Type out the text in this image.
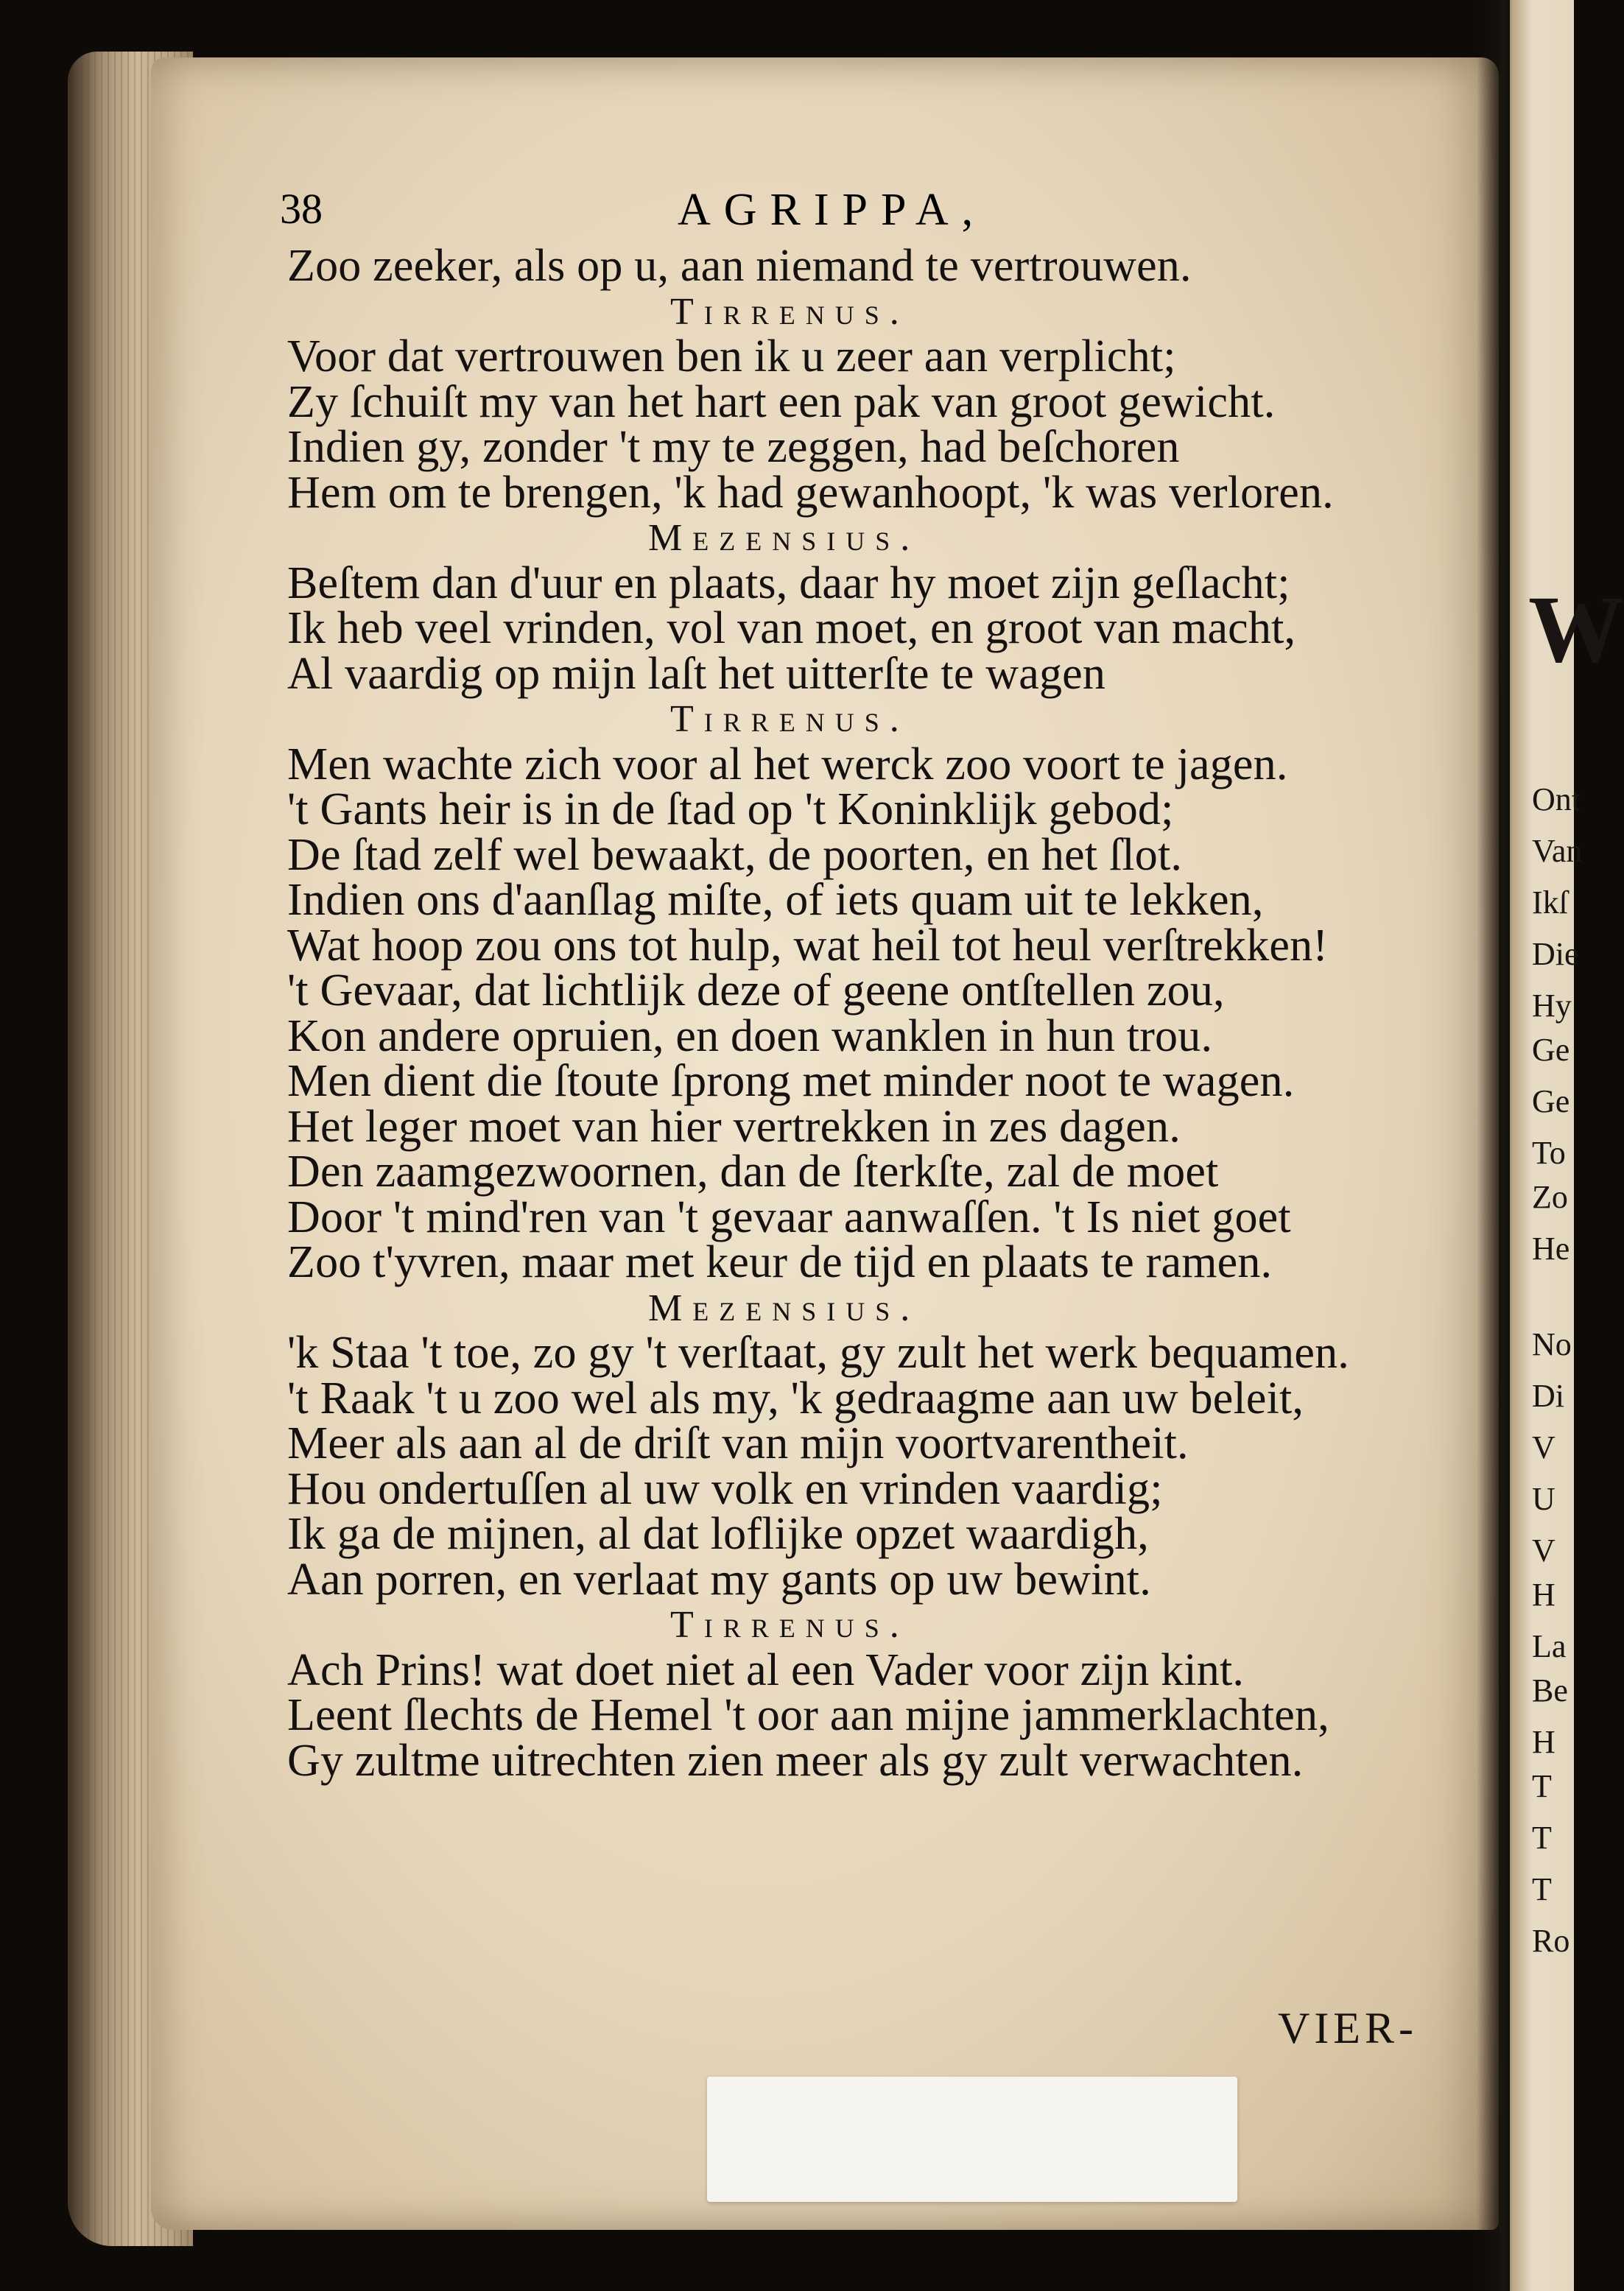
W
Ont
Van
Ikſ
Die
Hy
Ge
Ge
To
Zo
He
No
Di
V
U
V
H
La
Be
H
T
T
T
Ro
38	AGRIPPA,
Zoo zeeker, als op u, aan niemand te vertrouwen.
Tirrenus.
Voor dat vertrouwen ben ik u zeer aan verplicht;
Zy ſchuiſt my van het hart een pak van groot gewicht.
Indien gy, zonder 't my te zeggen, had beſchoren
Hem om te brengen, 'k had gewanhoopt, 'k was verloren.
Mezensius.
Beſtem dan d'uur en plaats, daar hy moet zijn geſlacht;
Ik heb veel vrinden, vol van moet, en groot van macht,
Al vaardig op mijn laſt het uitterſte te wagen
Tirrenus.
Men wachte zich voor al het werck zoo voort te jagen.
't Gants heir is in de ſtad op 't Koninklijk gebod;
De ſtad zelf wel bewaakt, de poorten, en het ſlot.
Indien ons d'aanſlag miſte, of iets quam uit te lekken,
Wat hoop zou ons tot hulp, wat heil tot heul verſtrekken!
't Gevaar, dat lichtlijk deze of geene ontſtellen zou,
Kon andere opruien, en doen wanklen in hun trou.
Men dient die ſtoute ſprong met minder noot te wagen.
Het leger moet van hier vertrekken in zes dagen.
Den zaamgezwoornen, dan de ſterkſte, zal de moet
Door 't mind'ren van 't gevaar aanwaſſen. 't Is niet goet
Zoo t'yvren, maar met keur de tijd en plaats te ramen.
Mezensius.
'k Staa 't toe, zo gy 't verſtaat, gy zult het werk bequamen.
't Raak 't u zoo wel als my, 'k gedraagme aan uw beleit,
Meer als aan al de driſt van mijn voortvarentheit.
Hou ondertuſſen al uw volk en vrinden vaardig;
Ik ga de mijnen, al dat loflijke opzet waardigh,
Aan porren, en verlaat my gants op uw bewint.
Tirrenus.
Ach Prins! wat doet niet al een Vader voor zijn kint.
Leent ſlechts de Hemel 't oor aan mijne jammerklachten,
Gy zultme uitrechten zien meer als gy zult verwachten.
VIER-
